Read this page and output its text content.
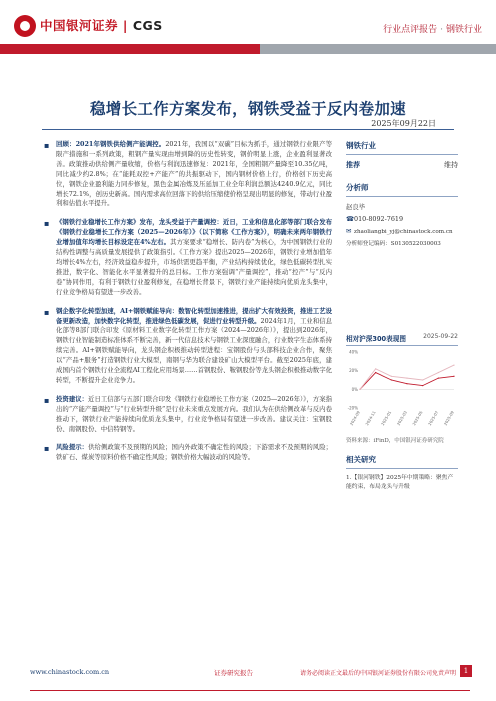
中国银河证券 | CGS	行业点评报告 · 钢铁行业
稳增长工作方案发布，钢铁受益于反内卷加速
2025年09月22日
▪ 回顾：2021年钢铁供给侧产能调控。2021年，我国以“双碳”目标为抓手，通过钢铁行业限产等限产措施和一系列政策，粗钢产量实现由增到降的历史性转变，钢价明显上涨，企业盈利显著改善。政策推动供给侧产量收缩，价格与利润迅速修复：2021年，全国粗钢产量降至10.35亿吨，同比减少约2.8%；在“能耗双控+产能产”的共振驱动下，国内钢材价格上行，价格创下历史高位，钢铁企业盈利能力同步修复，黑色金属冶炼及压延加工业全年利润总额达4240.9亿元，同比增长72.1%，创历史新高。国内需求高位回落下的供给压缩使价格呈现出明显的修复，带动行业盈利和估值水平提升。
▪ 《钢铁行业稳增长工作方案》发布，龙头受益于产量调控：近日，工业和信息化部等部门联合发布《钢铁行业稳增长工作方案（2025—2026年）》（以下简称《工作方案》），明确未来两年钢铁行业增加值年均增长目标设定在4%左右。其方案要求“稳增长、防内卷”为核心，为中国钢铁行业的结构性调整与高质量发展提供了政策指引。《工作方案》提出2025—2026年，钢铁行业增加值年均增长4%左右，经济效益稳步提升，市场供需更趋平衡，产业结构持续优化，绿色低碳转型扎实推进，数字化、智能化水平显著提升的总目标。工作方案强调“产量调控”，推动“控产”与“反内卷”协同作用，有利于钢铁行业盈利修复，在稳增长背景下，钢铁行业产能持续向优质龙头集中，行业竞争格局有望进一步改善。
▪ 钢企数字化转型加速，AI+钢铁赋能导向：数智化转型加速推进，提出扩大有效投资，推进工艺设备更新改造，加快数字化转型，推进绿色低碳发展，促进行业转型升级。2024年1月，工业和信息化部等8部门联合印发《原材料工业数字化转型工作方案（2024—2026年）》，提出到2026年，钢铁行业智能制造标准体系不断完善，新一代信息技术与钢铁工业深度融合，行业数字生态体系持续完善。AI+钢铁赋能导向，龙头钢企积极推动转型进程：宝钢股份与头部科技企业合作，聚焦以“产品+服务”打造钢铁行业大模型，南钢与华为联合建设矿山大模型平台。截至2025年底，建成国内首个钢铁行业全流程AI工程化应用场景……首钢股份、鞍钢股份等龙头钢企积极推动数字化转型，不断提升企业竞争力。
▪ 投资建议：近日工信部与五部门联合印发《钢铁行业稳增长工作方案（2025—2026年）》，方案指出的“产能产量调控”与“行业转型升级”是行业未来重点发展方向。我们认为在供给侧改革与反内卷推动下，钢铁行业产能持续向优质龙头集中，行业竞争格局有望进一步改善。建议关注：宝钢股份、南钢股份、中信特钢等。
▪ 风险提示：供给侧政策不及预期的风险；国内外政策不确定性的风险；下游需求不及预期的风险；铁矿石、煤炭等原料价格不确定性风险；钢铁价格大幅波动的风险等。
钢铁行业
推荐	维持
分析师
赵良毕
☎010-8092-7619
✉ zhaoliangbi_yj@chinastock.com.cn
分析师登记编码：S0130522030003
相对沪深300表现图	2025-09-22
-20%
0%
20%
40%
2024-09 2024-11 2025-01 2025-03 2025-05 2025-07 2025-09
资料来源：iFinD，中国银河证券研究院
相关研究
1.【银河钢铁】2025年中期策略：聚焦产能约束，布局龙头与升级
www.chinastock.com.cn	证券研究报告	请务必阅读正文最后的中国银河证券股份有限公司免责声明	1
